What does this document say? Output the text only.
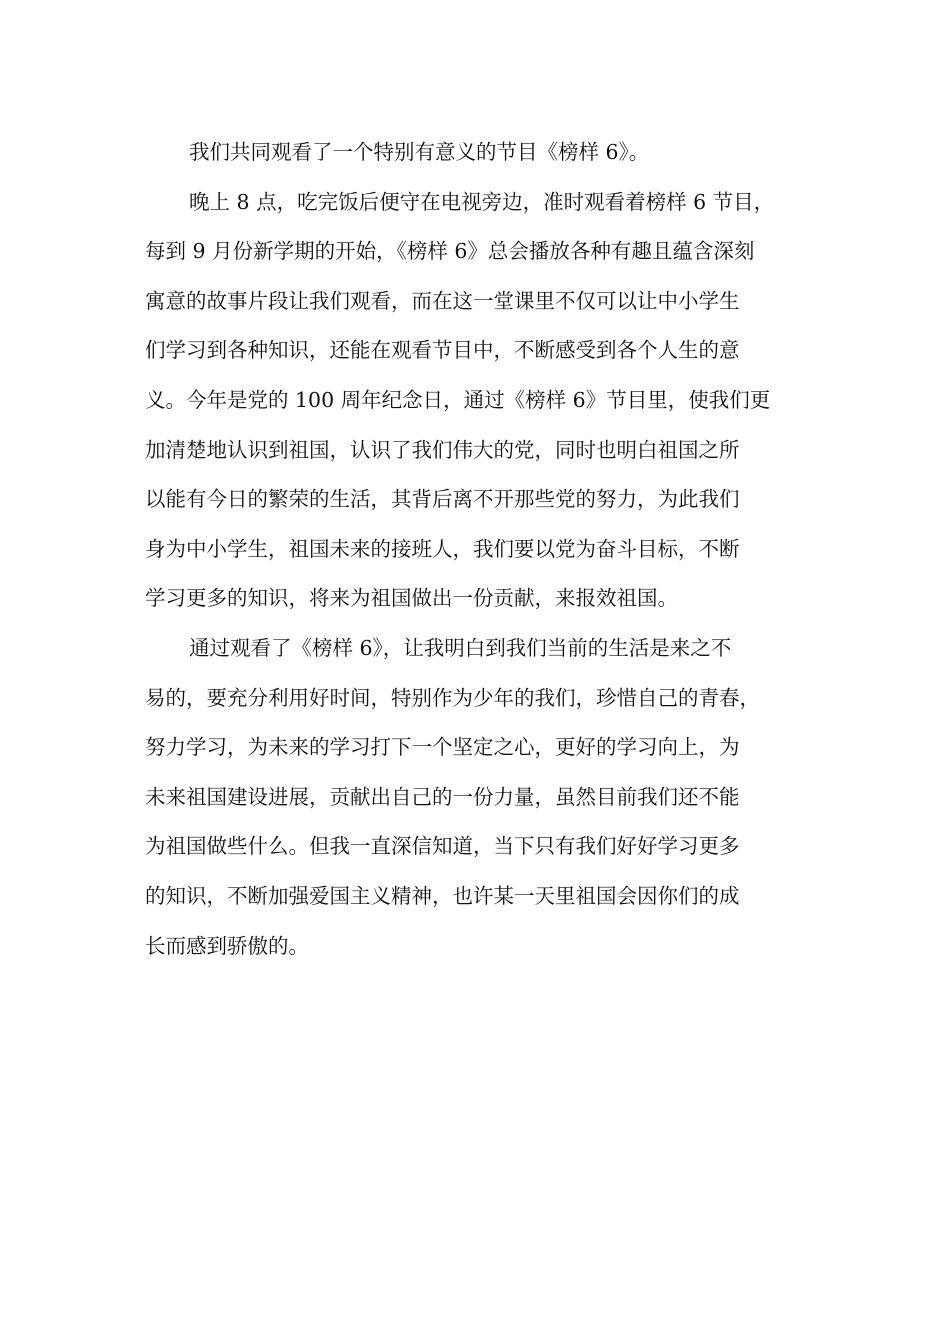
我们共同观看了一个特别有意义的节目《榜样 6》。
晚上 8 点，吃完饭后便守在电视旁边，准时观看着榜样 6 节目，
每到 9 月份新学期的开始，《榜样 6》总会播放各种有趣且蕴含深刻
寓意的故事片段让我们观看，而在这一堂课里不仅可以让中小学生
们学习到各种知识，还能在观看节目中，不断感受到各个人生的意
义。今年是党的 100 周年纪念日，通过《榜样 6》节目里，使我们更
加清楚地认识到祖国，认识了我们伟大的党，同时也明白祖国之所
以能有今日的繁荣的生活，其背后离不开那些党的努力，为此我们
身为中小学生，祖国未来的接班人，我们要以党为奋斗目标，不断
学习更多的知识，将来为祖国做出一份贡献，来报效祖国。
通过观看了《榜样 6》，让我明白到我们当前的生活是来之不
易的，要充分利用好时间，特别作为少年的我们，珍惜自己的青春，
努力学习，为未来的学习打下一个坚定之心，更好的学习向上，为
未来祖国建设进展，贡献出自己的一份力量，虽然目前我们还不能
为祖国做些什么。但我一直深信知道，当下只有我们好好学习更多
的知识，不断加强爱国主义精神，也许某一天里祖国会因你们的成
长而感到骄傲的。
